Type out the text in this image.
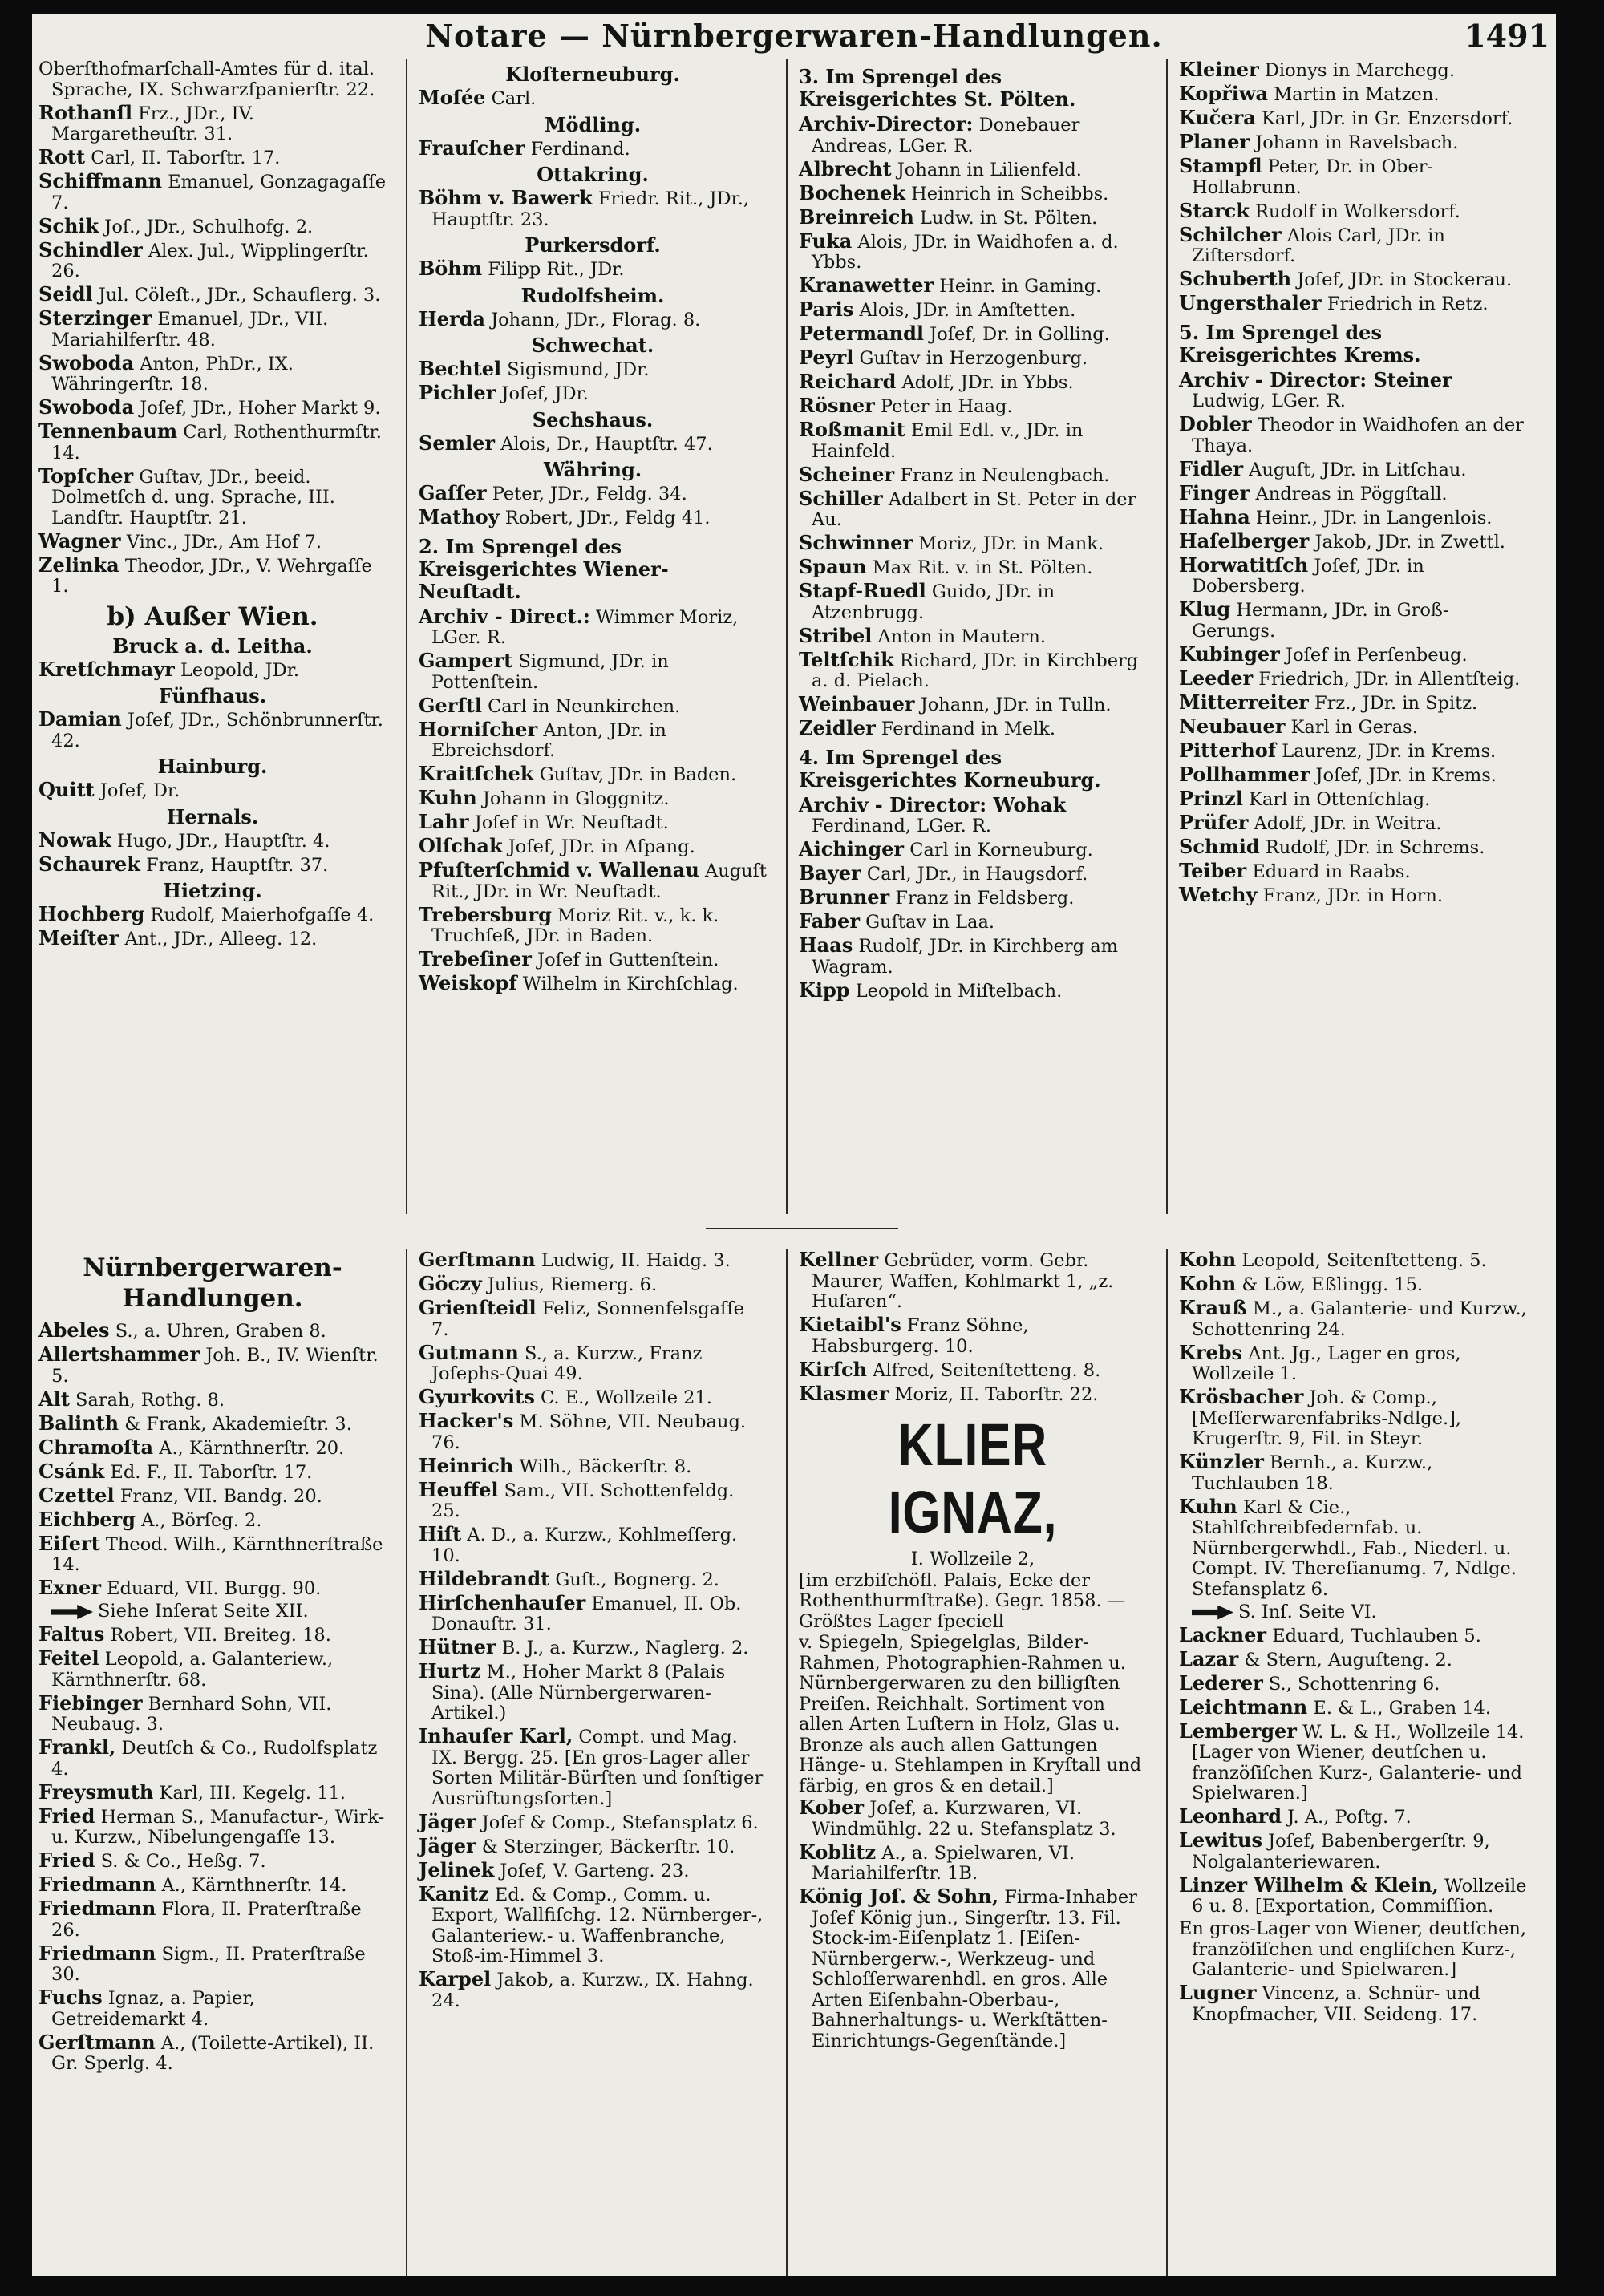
Notare — Nürnbergerwaren-Handlungen.	1491
Oberſthofmarſchall-Amtes für d. ital. Sprache, IX. Schwarzſpanierſtr. 22.
Rothanſl Frz., JDr., IV. Margaretheuſtr. 31.
Rott Carl, II. Taborſtr. 17.
Schiffmann Emanuel, Gonzagagaſſe 7.
Schik Joſ., JDr., Schulhofg. 2.
Schindler Alex. Jul., Wipplingerſtr. 26.
Seidl Jul. Cöleſt., JDr., Schauflerg. 3.
Sterzinger Emanuel, JDr., VII. Mariahilferſtr. 48.
Swoboda Anton, PhDr., IX. Währingerſtr. 18.
Swoboda Joſef, JDr., Hoher Markt 9.
Tennenbaum Carl, Rothenthurmſtr. 14.
Topſcher Guſtav, JDr., beeid. Dolmetſch d. ung. Sprache, III. Landſtr. Hauptſtr. 21.
Wagner Vinc., JDr., Am Hof 7.
Zelinka Theodor, JDr., V. Wehrgaſſe 1.
b) Außer Wien.
Bruck a. d. Leitha.
Kretſchmayr Leopold, JDr.
Fünfhaus.
Damian Joſef, JDr., Schönbrunnerſtr. 42.
Hainburg.
Quitt Joſef, Dr.
Hernals.
Nowak Hugo, JDr., Hauptſtr. 4.
Schaurek Franz, Hauptſtr. 37.
Hietzing.
Hochberg Rudolf, Maierhofgaſſe 4.
Meiſter Ant., JDr., Alleeg. 12.
Kloſterneuburg.
Moſée Carl.
Mödling.
Frauſcher Ferdinand.
Ottakring.
Böhm v. Bawerk Friedr. Rit., JDr., Hauptſtr. 23.
Purkersdorf.
Böhm Filipp Rit., JDr.
Rudolfsheim.
Herda Johann, JDr., Florag. 8.
Schwechat.
Bechtel Sigismund, JDr.
Pichler Joſef, JDr.
Sechshaus.
Semler Alois, Dr., Hauptſtr. 47.
Währing.
Gaſſer Peter, JDr., Feldg. 34.
Mathoy Robert, JDr., Feldg 41.
2. Im Sprengel des Kreisgerichtes Wiener-Neuſtadt.
Archiv - Direct.: Wimmer Moriz, LGer. R.
Gampert Sigmund, JDr. in Pottenſtein.
Gerſtl Carl in Neunkirchen.
Horniſcher Anton, JDr. in Ebreichsdorf.
Kraitſchek Guſtav, JDr. in Baden.
Kuhn Johann in Gloggnitz.
Lahr Joſef in Wr. Neuſtadt.
Olſchak Joſef, JDr. in Aſpang.
Pfuſterſchmid v. Wallenau Auguſt Rit., JDr. in Wr. Neuſtadt.
Trebersburg Moriz Rit. v., k. k. Truchſeß, JDr. in Baden.
Trebeſiner Joſef in Guttenſtein.
Weiskopf Wilhelm in Kirchſchlag.
3. Im Sprengel des Kreisgerichtes St. Pölten.
Archiv-Director: Donebauer Andreas, LGer. R.
Albrecht Johann in Lilienfeld.
Bochenek Heinrich in Scheibbs.
Breinreich Ludw. in St. Pölten.
Fuka Alois, JDr. in Waidhofen a. d. Ybbs.
Kranawetter Heinr. in Gaming.
Paris Alois, JDr. in Amſtetten.
Petermandl Joſef, Dr. in Golling.
Peyrl Guſtav in Herzogenburg.
Reichard Adolf, JDr. in Ybbs.
Rösner Peter in Haag.
Roßmanit Emil Edl. v., JDr. in Hainfeld.
Scheiner Franz in Neulengbach.
Schiller Adalbert in St. Peter in der Au.
Schwinner Moriz, JDr. in Mank.
Spaun Max Rit. v. in St. Pölten.
Stapf-Ruedl Guido, JDr. in Atzenbrugg.
Stribel Anton in Mautern.
Teltſchik Richard, JDr. in Kirchberg a. d. Pielach.
Weinbauer Johann, JDr. in Tulln.
Zeidler Ferdinand in Melk.
4. Im Sprengel des Kreisgerichtes Korneuburg.
Archiv - Director: Wohak Ferdinand, LGer. R.
Aichinger Carl in Korneuburg.
Bayer Carl, JDr., in Haugsdorf.
Brunner Franz in Feldsberg.
Faber Guſtav in Laa.
Haas Rudolf, JDr. in Kirchberg am Wagram.
Kipp Leopold in Miſtelbach.
Kleiner Dionys in Marchegg.
Kopřiwa Martin in Matzen.
Kučera Karl, JDr. in Gr. Enzersdorf.
Planer Johann in Ravelsbach.
Stampfl Peter, Dr. in Ober-Hollabrunn.
Starck Rudolf in Wolkersdorf.
Schilcher Alois Carl, JDr. in Ziſtersdorf.
Schuberth Joſef, JDr. in Stockerau.
Ungersthaler Friedrich in Retz.
5. Im Sprengel des Kreisgerichtes Krems.
Archiv - Director: Steiner Ludwig, LGer. R.
Dobler Theodor in Waidhofen an der Thaya.
Fidler Auguſt, JDr. in Litſchau.
Finger Andreas in Pöggſtall.
Hahna Heinr., JDr. in Langenlois.
Haſelberger Jakob, JDr. in Zwettl.
Horwatitſch Joſef, JDr. in Dobersberg.
Klug Hermann, JDr. in Groß-Gerungs.
Kubinger Joſef in Perſenbeug.
Leeder Friedrich, JDr. in Allentſteig.
Mitterreiter Frz., JDr. in Spitz.
Neubauer Karl in Geras.
Pitterhof Laurenz, JDr. in Krems.
Pollhammer Joſef, JDr. in Krems.
Prinzl Karl in Ottenſchlag.
Prüfer Adolf, JDr. in Weitra.
Schmid Rudolf, JDr. in Schrems.
Teiber Eduard in Raabs.
Wetchy Franz, JDr. in Horn.
Nürnbergerwaren-Handlungen.
Abeles S., a. Uhren, Graben 8.
Allertshammer Joh. B., IV. Wienſtr. 5.
Alt Sarah, Rothg. 8.
Balinth & Frank, Akademieſtr. 3.
Chramoſta A., Kärnthnerſtr. 20.
Csánk Ed. F., II. Taborſtr. 17.
Czettel Franz, VII. Bandg. 20.
Eichberg A., Börſeg. 2.
Eiſert Theod. Wilh., Kärnthnerſtraße 14.
Exner Eduard, VII. Burgg. 90.
Siehe Inſerat Seite XII.
Faltus Robert, VII. Breiteg. 18.
Feitel Leopold, a. Galanteriew., Kärnthnerſtr. 68.
Fiebinger Bernhard Sohn, VII. Neubaug. 3.
Frankl, Deutſch & Co., Rudolfsplatz 4.
Freysmuth Karl, III. Kegelg. 11.
Fried Herman S., Manufactur-, Wirk- u. Kurzw., Nibelungengaſſe 13.
Fried S. & Co., Heßg. 7.
Friedmann A., Kärnthnerſtr. 14.
Friedmann Flora, II. Praterſtraße 26.
Friedmann Sigm., II. Praterſtraße 30.
Fuchs Ignaz, a. Papier, Getreidemarkt 4.
Gerſtmann A., (Toilette-Artikel), II. Gr. Sperlg. 4.
Gerſtmann Ludwig, II. Haidg. 3.
Göczy Julius, Riemerg. 6.
Grienſteidl Feliz, Sonnenfelsgaſſe 7.
Gutmann S., a. Kurzw., Franz Joſephs-Quai 49.
Gyurkovits C. E., Wollzeile 21.
Hacker's M. Söhne, VII. Neubaug. 76.
Heinrich Wilh., Bäckerſtr. 8.
Heuffel Sam., VII. Schottenfeldg. 25.
Hiſt A. D., a. Kurzw., Kohlmeſſerg. 10.
Hildebrandt Guſt., Bognerg. 2.
Hirſchenhauſer Emanuel, II. Ob. Donauſtr. 31.
Hütner B. J., a. Kurzw., Naglerg. 2.
Hurtz M., Hoher Markt 8 (Palais Sina). (Alle Nürnbergerwaren-Artikel.)
Inhauſer Karl, Compt. und Mag. IX. Bergg. 25. [En gros-Lager aller Sorten Militär-Bürſten und ſonſtiger Ausrüſtungsſorten.]
Jäger Joſef & Comp., Stefansplatz 6.
Jäger & Sterzinger, Bäckerſtr. 10.
Jelinek Joſef, V. Garteng. 23.
Kanitz Ed. & Comp., Comm. u. Export, Wallfiſchg. 12. Nürnberger-, Galanteriew.- u. Waffenbranche, Stoß-im-Himmel 3.
Karpel Jakob, a. Kurzw., IX. Hahng. 24.
Kellner Gebrüder, vorm. Gebr. Maurer, Waffen, Kohlmarkt 1, „z. Huſaren“.
Kietaibl's Franz Söhne, Habsburgerg. 10.
Kirſch Alfred, Seitenſtetteng. 8.
Klasmer Moriz, II. Taborſtr. 22.
KLIER IGNAZ,
I. Wollzeile 2,
[im erzbiſchöfl. Palais, Ecke der Rothenthurmſtraße). Gegr. 1858. — Größtes Lager ſpeciell
v. Spiegeln, Spiegelglas, Bilder-Rahmen, Photographien-Rahmen u. Nürnbergerwaren zu den billigſten Preiſen. Reichhalt. Sortiment von allen Arten Luſtern in Holz, Glas u. Bronze als auch allen Gattungen Hänge- u. Stehlampen in Kryſtall und färbig, en gros & en detail.]
Kober Joſef, a. Kurzwaren, VI. Windmühlg. 22 u. Stefansplatz 3.
Koblitz A., a. Spielwaren, VI. Mariahilferſtr. 1B.
König Joſ. & Sohn, Firma-Inhaber Joſef König jun., Singerſtr. 13. Fil. Stock-im-Eiſenplatz 1. [Eiſen-Nürnbergerw.-, Werkzeug- und Schloſſerwarenhdl. en gros. Alle Arten Eiſenbahn-Oberbau-, Bahnerhaltungs- u. Werkſtätten-Einrichtungs-Gegenſtände.]
Kohn Leopold, Seitenſtetteng. 5.
Kohn & Löw, Eßlingg. 15.
Krauß M., a. Galanterie- und Kurzw., Schottenring 24.
Krebs Ant. Jg., Lager en gros, Wollzeile 1.
Krösbacher Joh. & Comp., [Meſſerwarenfabriks-Ndlge.], Krugerſtr. 9, Fil. in Steyr.
Künzler Bernh., a. Kurzw., Tuchlauben 18.
Kuhn Karl & Cie., Stahlſchreibfedernfab. u. Nürnbergerwhdl., Fab., Niederl. u. Compt. IV. Thereſianumg. 7, Ndlge. Stefansplatz 6.
S. Inſ. Seite VI.
Lackner Eduard, Tuchlauben 5.
Lazar & Stern, Auguſteng. 2.
Lederer S., Schottenring 6.
Leichtmann E. & L., Graben 14.
Lemberger W. L. & H., Wollzeile 14. [Lager von Wiener, deutſchen u. franzöſiſchen Kurz-, Galanterie- und Spielwaren.]
Leonhard J. A., Poſtg. 7.
Lewitus Joſef, Babenbergerſtr. 9, Nolgalanteriewaren.
Linzer Wilhelm & Klein, Wollzeile 6 u. 8. [Exportation, Commiſſion.
En gros-Lager von Wiener, deutſchen, franzöſiſchen und engliſchen Kurz-, Galanterie- und Spielwaren.]
Lugner Vincenz, a. Schnür- und Knopfmacher, VII. Seideng. 17.
